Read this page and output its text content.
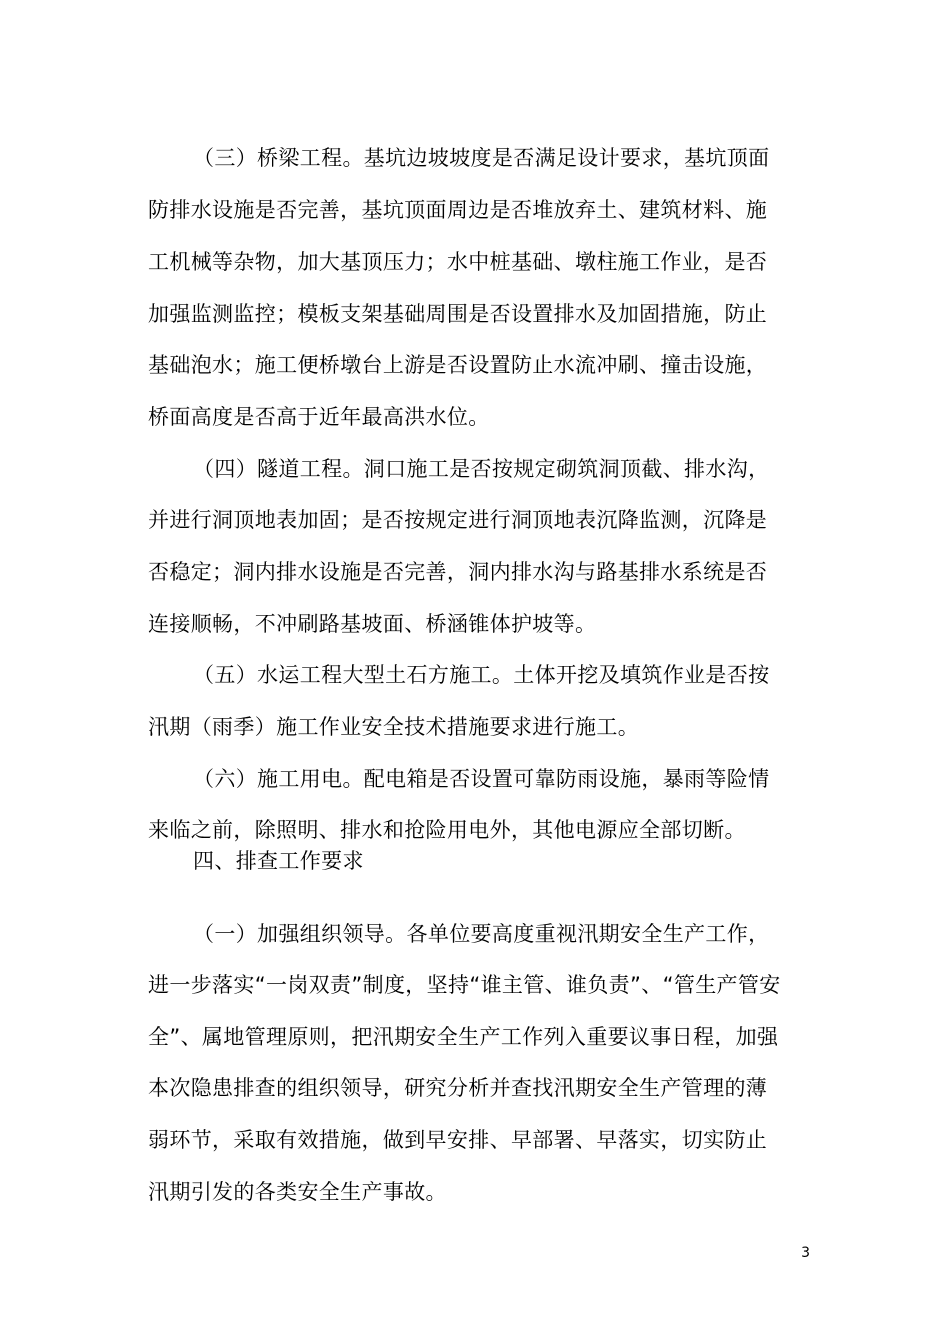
（三）桥梁工程。基坑边坡坡度是否满足设计要求，基坑顶面

防排水设施是否完善，基坑顶面周边是否堆放弃土、建筑材料、施

工机械等杂物，加大基顶压力；水中桩基础、墩柱施工作业，是否

加强监测监控；模板支架基础周围是否设置排水及加固措施，防止

基础泡水；施工便桥墩台上游是否设置防止水流冲刷、撞击设施，

桥面高度是否高于近年最高洪水位。

（四）隧道工程。洞口施工是否按规定砌筑洞顶截、排水沟，

并进行洞顶地表加固；是否按规定进行洞顶地表沉降监测，沉降是

否稳定；洞内排水设施是否完善，洞内排水沟与路基排水系统是否

连接顺畅，不冲刷路基坡面、桥涵锥体护坡等。

（五）水运工程大型土石方施工。土体开挖及填筑作业是否按

汛期（雨季）施工作业安全技术措施要求进行施工。

（六）施工用电。配电箱是否设置可靠防雨设施，暴雨等险情

来临之前，除照明、排水和抢险用电外，其他电源应全部切断。

四、排查工作要求

（一）加强组织领导。各单位要高度重视汛期安全生产工作，

进一步落实“一岗双责”制度，坚持“谁主管、谁负责”、“管生产管安

全”、属地管理原则，把汛期安全生产工作列入重要议事日程，加强

本次隐患排查的组织领导，研究分析并查找汛期安全生产管理的薄

弱环节，采取有效措施，做到早安排、早部署、早落实，切实防止

汛期引发的各类安全生产事故。

3
